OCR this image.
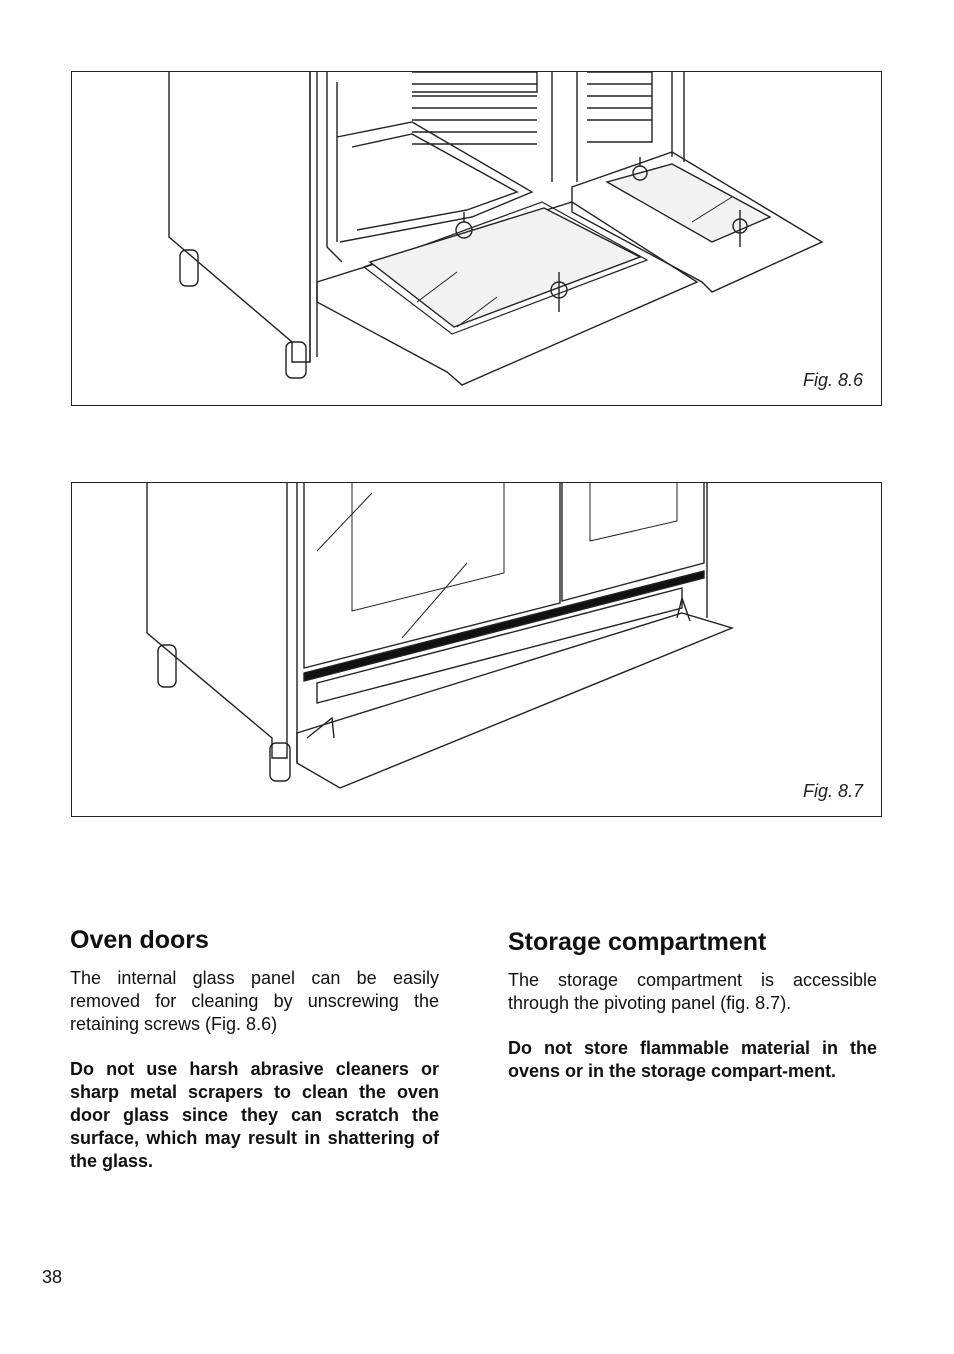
Fig. 8.6
Fig. 8.7
Oven doors

The internal glass panel can be easily removed for cleaning by unscrewing the retaining screws (Fig. 8.6)

Do not use harsh abrasive cleaners or sharp metal scrapers to clean the oven door glass since they can scratch the surface, which may result in shattering of the glass.

Storage compartment

The storage compartment is accessible through the pivoting panel (fig. 8.7).

Do not store flammable material in the ovens or in the storage compart-ment.

38
